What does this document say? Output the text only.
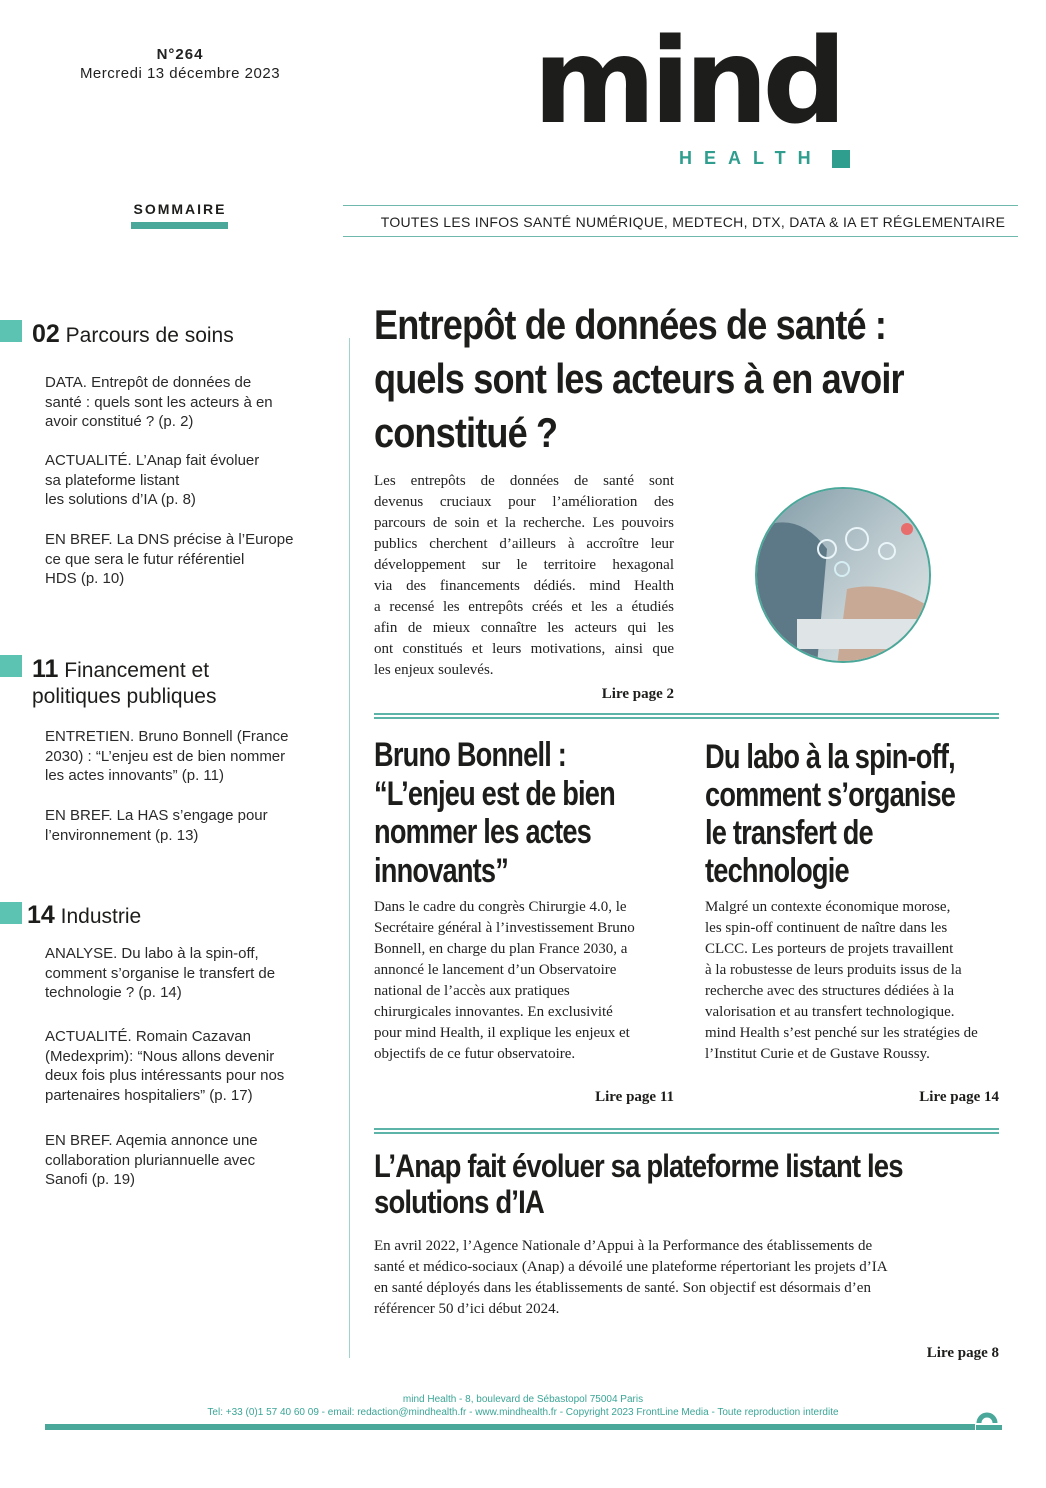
N°264
Mercredi 13 décembre 2023	mind
HEALTH
SOMMAIRE
TOUTES LES INFOS SANTÉ NUMÉRIQUE, MEDTECH, DTX, DATA & IA ET RÉGLEMENTAIRE
02 Parcours de soins
DATA. Entrepôt de données de
santé : quels sont les acteurs à en
avoir constitué ? (p. 2)
ACTUALITÉ. L’Anap fait évoluer
sa plateforme listant
les solutions d’IA (p. 8)
EN BREF. La DNS précise à l’Europe
ce que sera le futur référentiel
HDS (p. 10)
11 Financement et
politiques publiques
ENTRETIEN. Bruno Bonnell (France
2030) : “L’enjeu est de bien nommer
les actes innovants” (p. 11)
EN BREF. La HAS s’engage pour
l’environnement (p. 13)
14 Industrie
ANALYSE. Du labo à la spin-off,
comment s’organise le transfert de
technologie ? (p. 14)
ACTUALITÉ. Romain Cazavan
(Medexprim): “Nous allons devenir
deux fois plus intéressants pour nos
partenaires hospitaliers” (p. 17)
EN BREF. Aqemia annonce une
collaboration pluriannuelle avec
Sanofi (p. 19)
Entrepôt de données de santé :
quels sont les acteurs à en avoir
constitué ?
Les entrepôts de données de santé sont
devenus cruciaux pour l’amélioration des
parcours de soin et la recherche. Les pouvoirs
publics cherchent d’ailleurs à accroître leur
développement sur le territoire hexagonal
via des financements dédiés. mind Health
a recensé les entrepôts créés et les a étudiés
afin de mieux connaître les acteurs qui les
ont constitués et leurs motivations, ainsi que
les enjeux soulevés.
Lire page 2
Bruno Bonnell :
“L’enjeu est de bien
nommer les actes
innovants”
Dans le cadre du congrès Chirurgie 4.0, le
Secrétaire général à l’investissement Bruno
Bonnell, en charge du plan France 2030, a
annoncé le lancement d’un Observatoire
national de l’accès aux pratiques
chirurgicales innovantes. En exclusivité
pour mind Health, il explique les enjeux et
objectifs de ce futur observatoire.
Lire page 11
Du labo à la spin-off,
comment s’organise
le transfert de
technologie
Malgré un contexte économique morose,
les spin-off continuent de naître dans les
CLCC. Les porteurs de projets travaillent
à la robustesse de leurs produits issus de la
recherche avec des structures dédiées à la
valorisation et au transfert technologique.
mind Health s’est penché sur les stratégies de
l’Institut Curie et de Gustave Roussy.
Lire page 14
L’Anap fait évoluer sa plateforme listant les
solutions d’IA
En avril 2022, l’Agence Nationale d’Appui à la Performance des établissements de
santé et médico-sociaux (Anap) a dévoilé une plateforme répertoriant les projets d’IA
en santé déployés dans les établissements de santé. Son objectif est désormais d’en
référencer 50 d’ici début 2024.
Lire page 8
mind Health - 8, boulevard de Sébastopol 75004 Paris
Tel: +33 (0)1 57 40 60 09 - email: redaction@mindhealth.fr - www.mindhealth.fr - Copyright 2023 FrontLine Media - Toute reproduction interdite
